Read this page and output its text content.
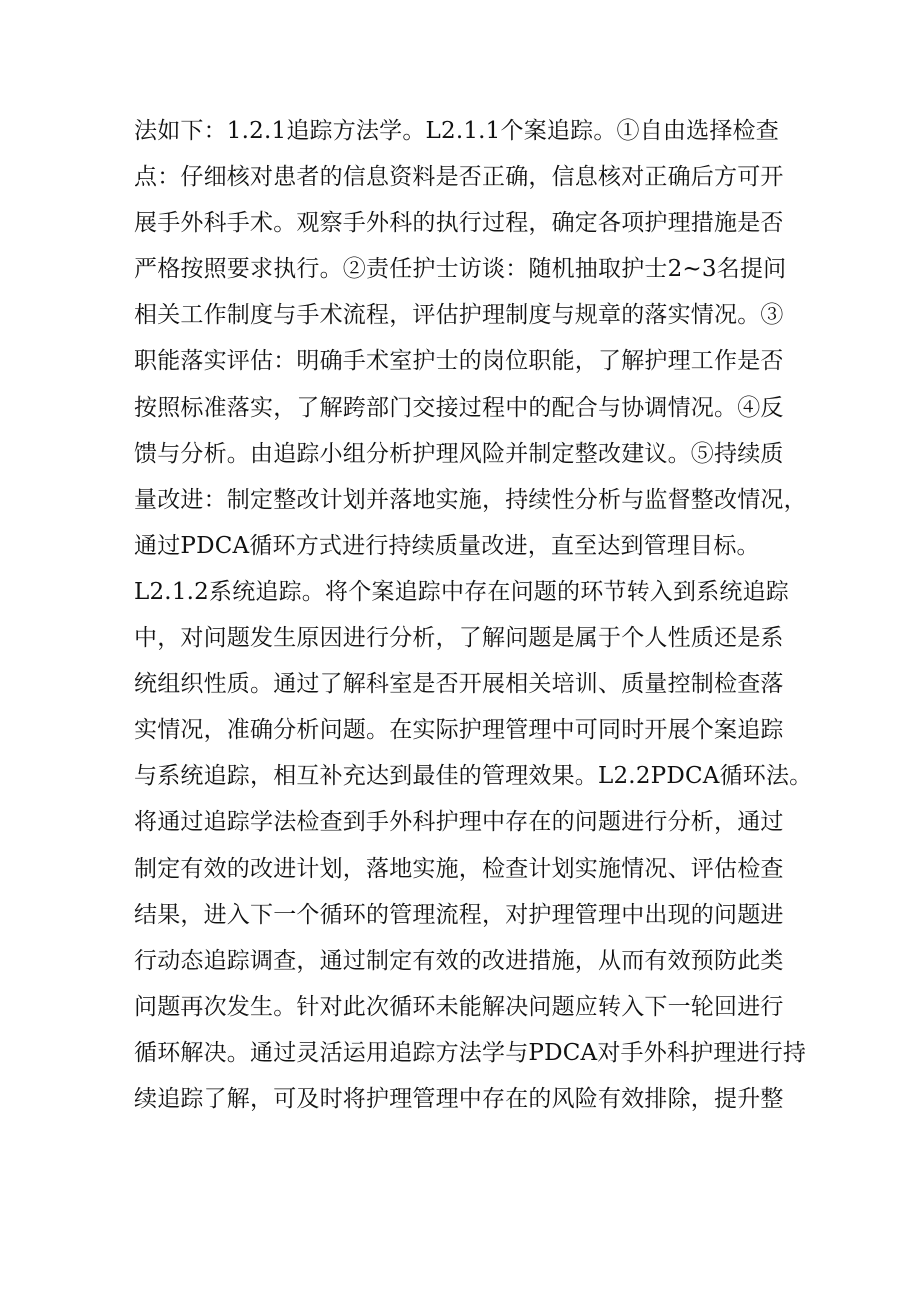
法如下：1.2.1追踪方法学。L2.1.1个案追踪。①自由选择检查
点：仔细核对患者的信息资料是否正确，信息核对正确后方可开
展手外科手术。观察手外科的执行过程，确定各项护理措施是否
严格按照要求执行。②责任护士访谈：随机抽取护士2~3名提问
相关工作制度与手术流程，评估护理制度与规章的落实情况。③
职能落实评估：明确手术室护士的岗位职能，了解护理工作是否
按照标准落实，了解跨部门交接过程中的配合与协调情况。④反
馈与分析。由追踪小组分析护理风险并制定整改建议。⑤持续质
量改进：制定整改计划并落地实施，持续性分析与监督整改情况，
通过PDCA循环方式进行持续质量改进，直至达到管理目标。
L2.1.2系统追踪。将个案追踪中存在问题的环节转入到系统追踪
中，对问题发生原因进行分析，了解问题是属于个人性质还是系
统组织性质。通过了解科室是否开展相关培训、质量控制检查落
实情况，准确分析问题。在实际护理管理中可同时开展个案追踪
与系统追踪，相互补充达到最佳的管理效果。L2.2PDCA循环法。
将通过追踪学法检查到手外科护理中存在的问题进行分析，通过
制定有效的改进计划，落地实施，检查计划实施情况、评估检查
结果，进入下一个循环的管理流程，对护理管理中出现的问题进
行动态追踪调查，通过制定有效的改进措施，从而有效预防此类
问题再次发生。针对此次循环未能解决问题应转入下一轮回进行
循环解决。通过灵活运用追踪方法学与PDCA对手外科护理进行持
续追踪了解，可及时将护理管理中存在的风险有效排除，提升整
